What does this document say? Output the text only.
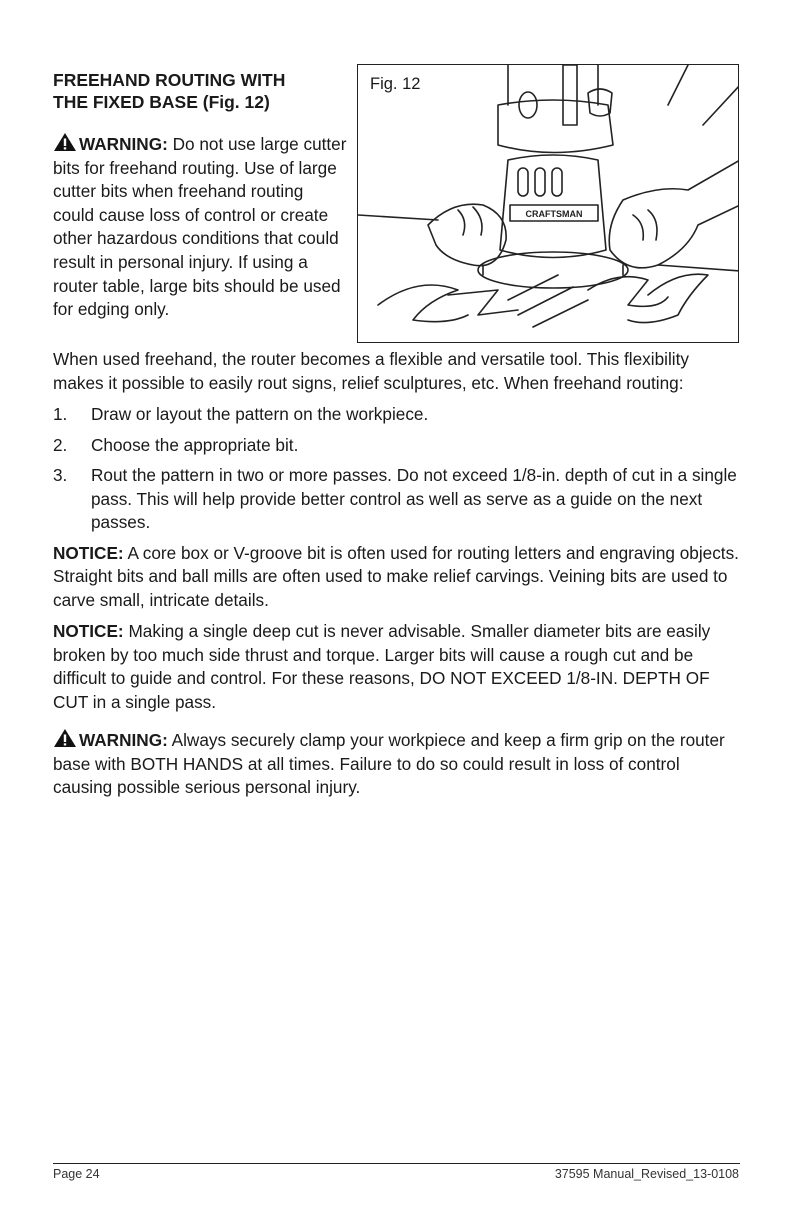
FREEHAND ROUTING WITH
THE FIXED BASE (Fig. 12)
WARNING: Do not use large cutter bits for freehand routing. Use of large cutter bits when freehand routing could cause loss of control or create other hazardous conditions that could result in personal injury. If using a router table, large bits should be used for edging only.
Fig. 12
CRAFTSMAN

When used freehand, the router becomes a flexible and versatile tool. This flexibility makes it possible to easily rout signs, relief sculptures, etc. When freehand routing:

1. Draw or layout the pattern on the workpiece.
2. Choose the appropriate bit.
3. Rout the pattern in two or more passes. Do not exceed 1/8-in. depth of cut in a single pass. This will help provide better control as well as serve as a guide on the next passes.

NOTICE: A core box or V-groove bit is often used for routing letters and engraving objects. Straight bits and ball mills are often used to make relief carvings. Veining bits are used to carve small, intricate details.

NOTICE: Making a single deep cut is never advisable. Smaller diameter bits are easily broken by too much side thrust and torque. Larger bits will cause a rough cut and be difficult to guide and control. For these reasons, DO NOT EXCEED 1/8-IN. DEPTH OF CUT in a single pass.

WARNING: Always securely clamp your workpiece and keep a firm grip on the router base with BOTH HANDS at all times. Failure to do so could result in loss of control causing possible serious personal injury.

Page 24	37595 Manual_Revised_13-0108
